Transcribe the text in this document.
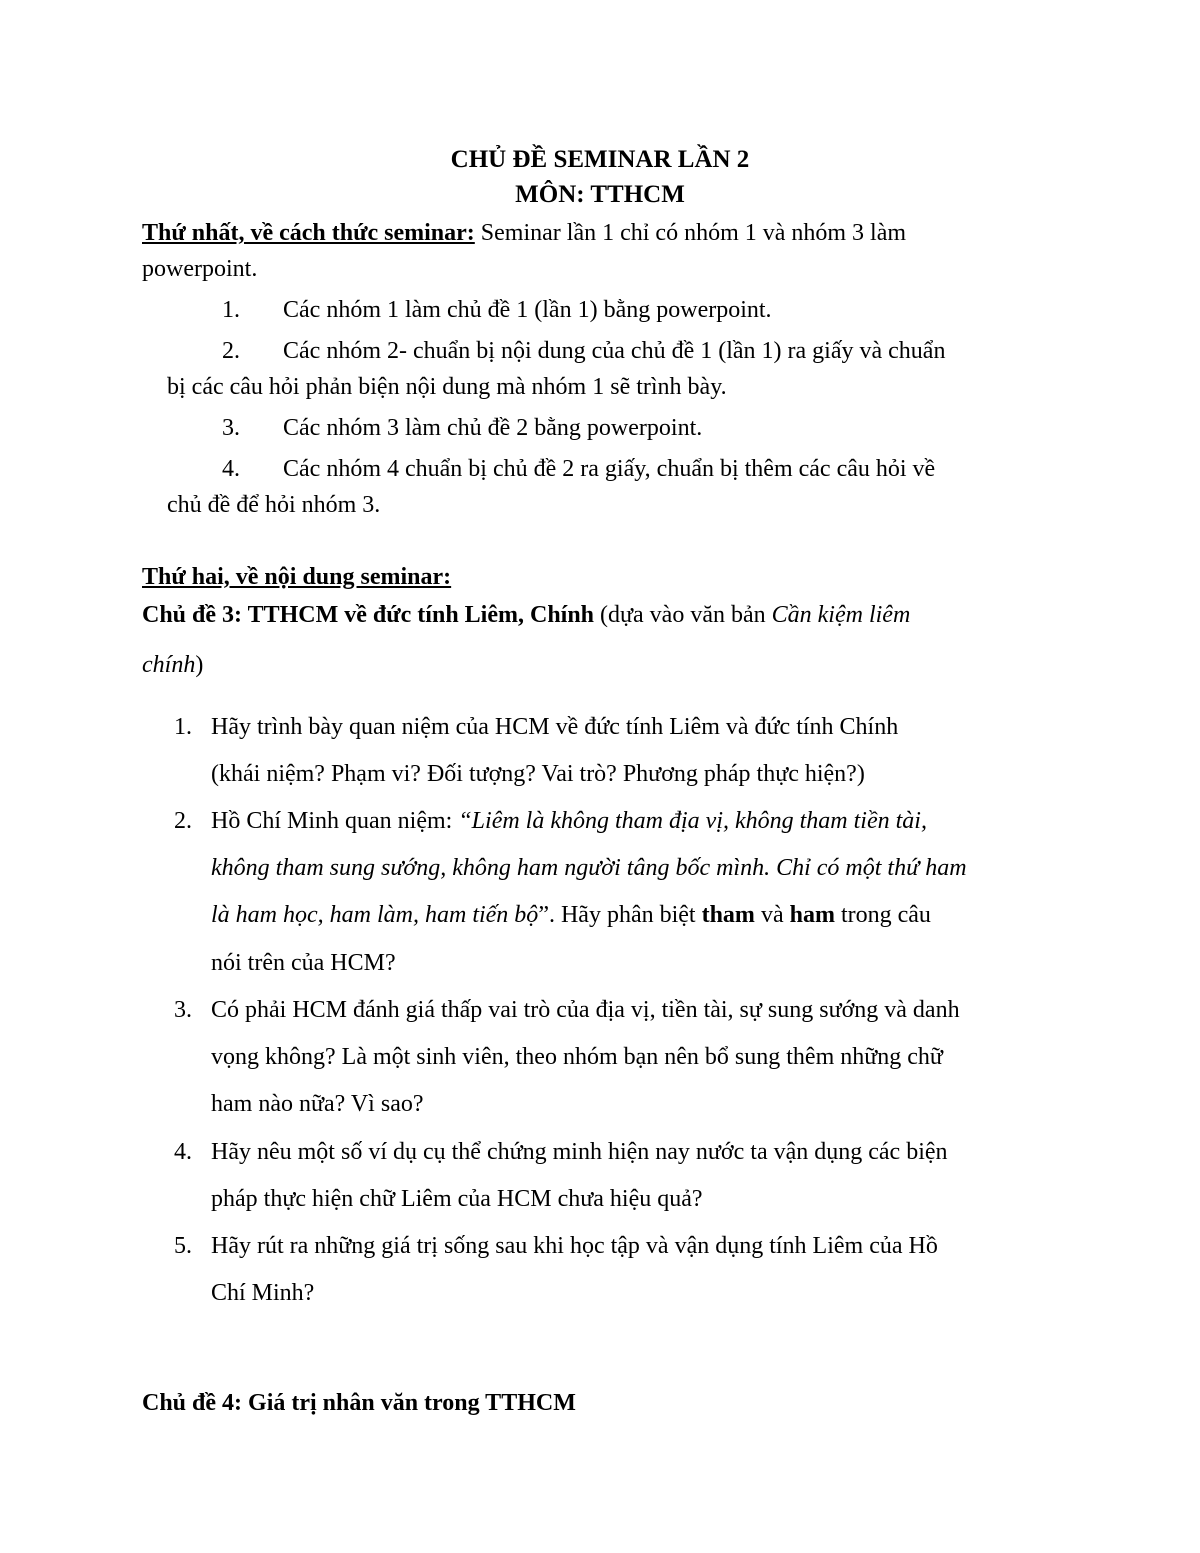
CHỦ ĐỀ SEMINAR LẦN 2
MÔN: TTHCM
Thứ nhất, về cách thức seminar: Seminar lần 1 chỉ có nhóm 1 và nhóm 3 làm
powerpoint.
1. Các nhóm 1 làm chủ đề 1 (lần 1) bằng powerpoint.
2. Các nhóm 2- chuẩn bị nội dung của chủ đề 1 (lần 1) ra giấy và chuẩn
bị các câu hỏi phản biện nội dung mà nhóm 1 sẽ trình bày.
3. Các nhóm 3 làm chủ đề 2 bằng powerpoint.
4. Các nhóm 4 chuẩn bị chủ đề 2 ra giấy, chuẩn bị thêm các câu hỏi về
chủ đề để hỏi nhóm 3.
Thứ hai, về nội dung seminar:
Chủ đề 3: TTHCM về đức tính Liêm, Chính (dựa vào văn bản Cần kiệm liêm
chính)
1. Hãy trình bày quan niệm của HCM về đức tính Liêm và đức tính Chính
(khái niệm? Phạm vi? Đối tượng? Vai trò? Phương pháp thực hiện?)
2. Hồ Chí Minh quan niệm: “Liêm là không tham địa vị, không tham tiền tài,
không tham sung sướng, không ham người tâng bốc mình. Chỉ có một thứ ham
là ham học, ham làm, ham tiến bộ”. Hãy phân biệt tham và ham trong câu
nói trên của HCM?
3. Có phải HCM đánh giá thấp vai trò của địa vị, tiền tài, sự sung sướng và danh
vọng không? Là một sinh viên, theo nhóm bạn nên bổ sung thêm những chữ
ham nào nữa? Vì sao?
4. Hãy nêu một số ví dụ cụ thể chứng minh hiện nay nước ta vận dụng các biện
pháp thực hiện chữ Liêm của HCM chưa hiệu quả?
5. Hãy rút ra những giá trị sống sau khi học tập và vận dụng tính Liêm của Hồ
Chí Minh?
Chủ đề 4: Giá trị nhân văn trong TTHCM
